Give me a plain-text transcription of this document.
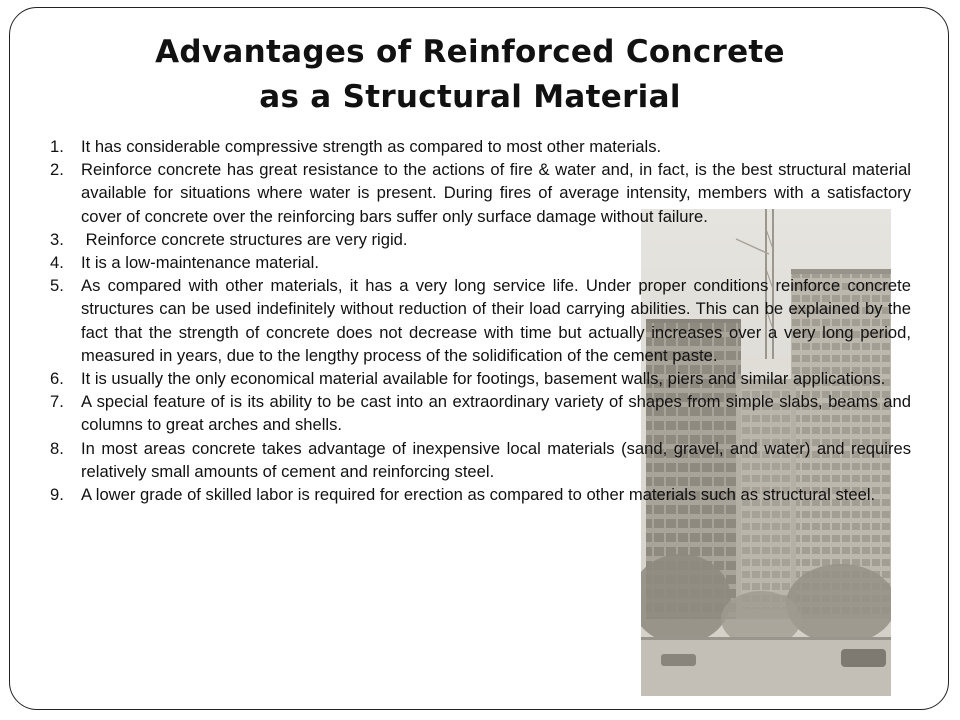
Advantages of Reinforced Concrete
as a Structural Material
1. It has considerable compressive strength as compared to most other materials.
2. Reinforce concrete has great resistance to the actions of fire & water and, in fact, is the best structural material available for situations where water is present. During fires of average intensity, members with a satisfactory cover of concrete over the reinforcing bars suffer only surface damage without failure.
3. Reinforce concrete structures are very rigid.
4. It is a low-maintenance material.
5. As compared with other materials, it has a very long service life. Under proper conditions reinforce concrete structures can be used indefinitely without reduction of their load carrying abilities. This can be explained by the fact that the strength of concrete does not decrease with time but actually increases over a very long period, measured in years, due to the lengthy process of the solidification of the cement paste.
6. It is usually the only economical material available for footings, basement walls, piers and similar applications.
7. A special feature of is its ability to be cast into an extraordinary variety of shapes from simple slabs, beams and columns to great arches and shells.
8. In most areas concrete takes advantage of inexpensive local materials (sand, gravel, and water) and requires relatively small amounts of cement and reinforcing steel.
9. A lower grade of skilled labor is required for erection as compared to other materials such as structural steel.
